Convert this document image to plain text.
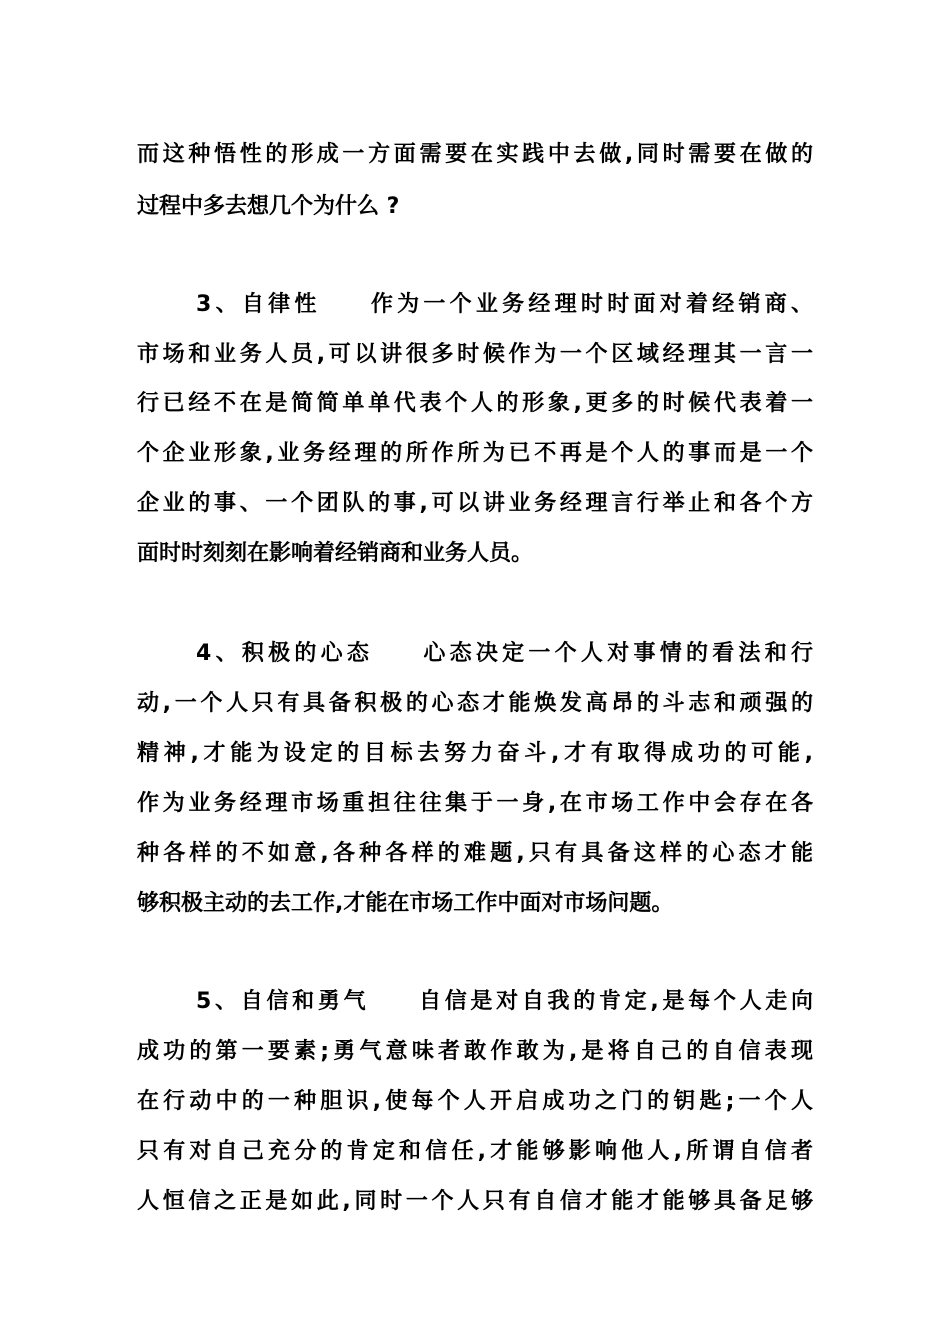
而这种悟性的形成一方面需要在实践中去做,同时需要在做的
过程中多去想几个为什么 ?
3、自律性 作为一个业务经理时时面对着经销商、
市场和业务人员,可以讲很多时候作为一个区域经理其一言一
行已经不在是简简单单代表个人的形象,更多的时候代表着一
个企业形象,业务经理的所作所为已不再是个人的事而是一个
企业的事、一个团队的事,可以讲业务经理言行举止和各个方
面时时刻刻在影响着经销商和业务人员。
4、积极的心态 心态决定一个人对事情的看法和行
动,一个人只有具备积极的心态才能焕发高昂的斗志和顽强的
精神,才能为设定的目标去努力奋斗,才有取得成功的可能,
作为业务经理市场重担往往集于一身,在市场工作中会存在各
种各样的不如意,各种各样的难题,只有具备这样的心态才能
够积极主动的去工作,才能在市场工作中面对市场问题。
5、自信和勇气 自信是对自我的肯定,是每个人走向
成功的第一要素;勇气意味者敢作敢为,是将自己的自信表现
在行动中的一种胆识,使每个人开启成功之门的钥匙;一个人
只有对自己充分的肯定和信任,才能够影响他人,所谓自信者
人恒信之正是如此,同时一个人只有自信才能才能够具备足够
